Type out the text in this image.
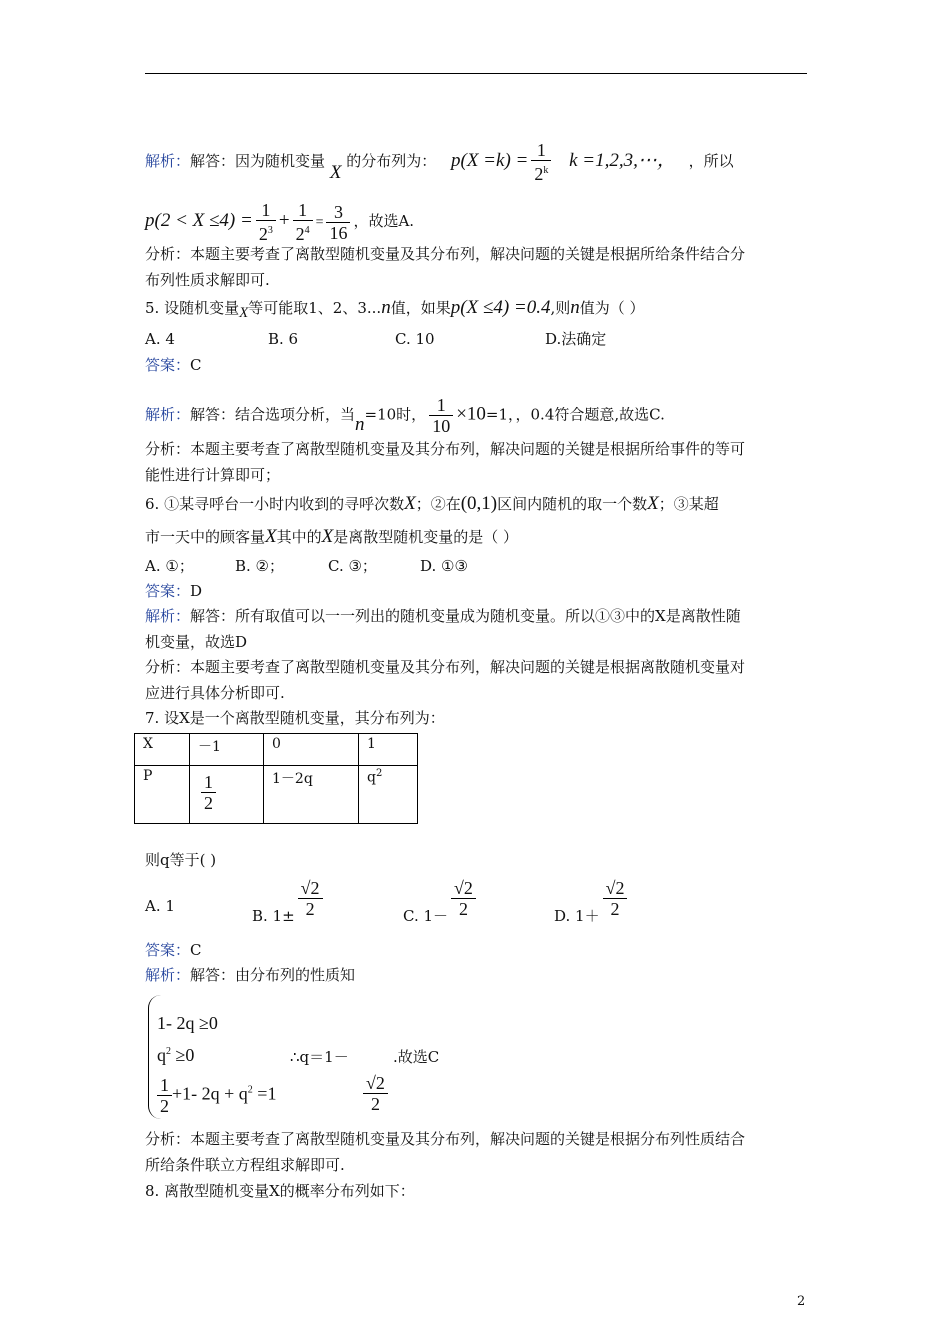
解析：解答：因为随机变量 X 的分布列为： $p(X =k) = \frac{1}{2^k}$ k =1,2,3,⋯， ，所以
$p(2 < X \le 4) = \frac{1}{2^3} + \frac{1}{2^4} = \frac{3}{16}$ ，故选A.
分析：本题主要考查了离散型随机变量及其分布列，解决问题的关键是根据所给条件结合分
布列性质求解即可.
5. 设随机变量X等可能取1、2、3...n值，如果p(X ≤4) =0.4,则n值为（ ）
A. 4	B. 6	C. 10	D.法确定
答案：C
解析：解答：结合选项分析，当n=10时， $\frac{1}{10} \times 10=1$，，0.4符合题意,故选C.
分析：本题主要考查了离散型随机变量及其分布列，解决问题的关键是根据所给事件的等可
能性进行计算即可；
6. ①某寻呼台一小时内收到的寻呼次数X；②在(0,1)区间内随机的取一个数X；③某超
市一天中的顾客量X其中的X是离散型随机变量的是（ ）
A. ①；	B. ②；	C. ③；	D. ①③
答案：D
解析：解答：所有取值可以一一列出的随机变量成为随机变量。所以①③中的X是离散性随
机变量，故选D
分析：本题主要考查了离散型随机变量及其分布列，解决问题的关键是根据离散随机变量对
应进行具体分析即可.
7. 设X是一个离散型随机变量，其分布列为：
X	－1	0	1
P	$\frac{1}{2}$	1－2q	$q^2$
则q等于( )
A. 1
B. $1\pm \frac{√2}{2}$	C. $1- \frac{√2}{2}$	D. $1+ \frac{√2}{2}$
答案：C
解析：解答：由分布列的性质知
1- 2q ≥0
$q^2 \ge 0$
$\frac{1}{2} +1-$ $2q + q^2 =1$
∴q＝1－	.故选C
$\frac{√2}{2}$
分析：本题主要考查了离散型随机变量及其分布列，解决问题的关键是根据分布列性质结合
所给条件联立方程组求解即可.
8. 离散型随机变量X的概率分布列如下：
2
